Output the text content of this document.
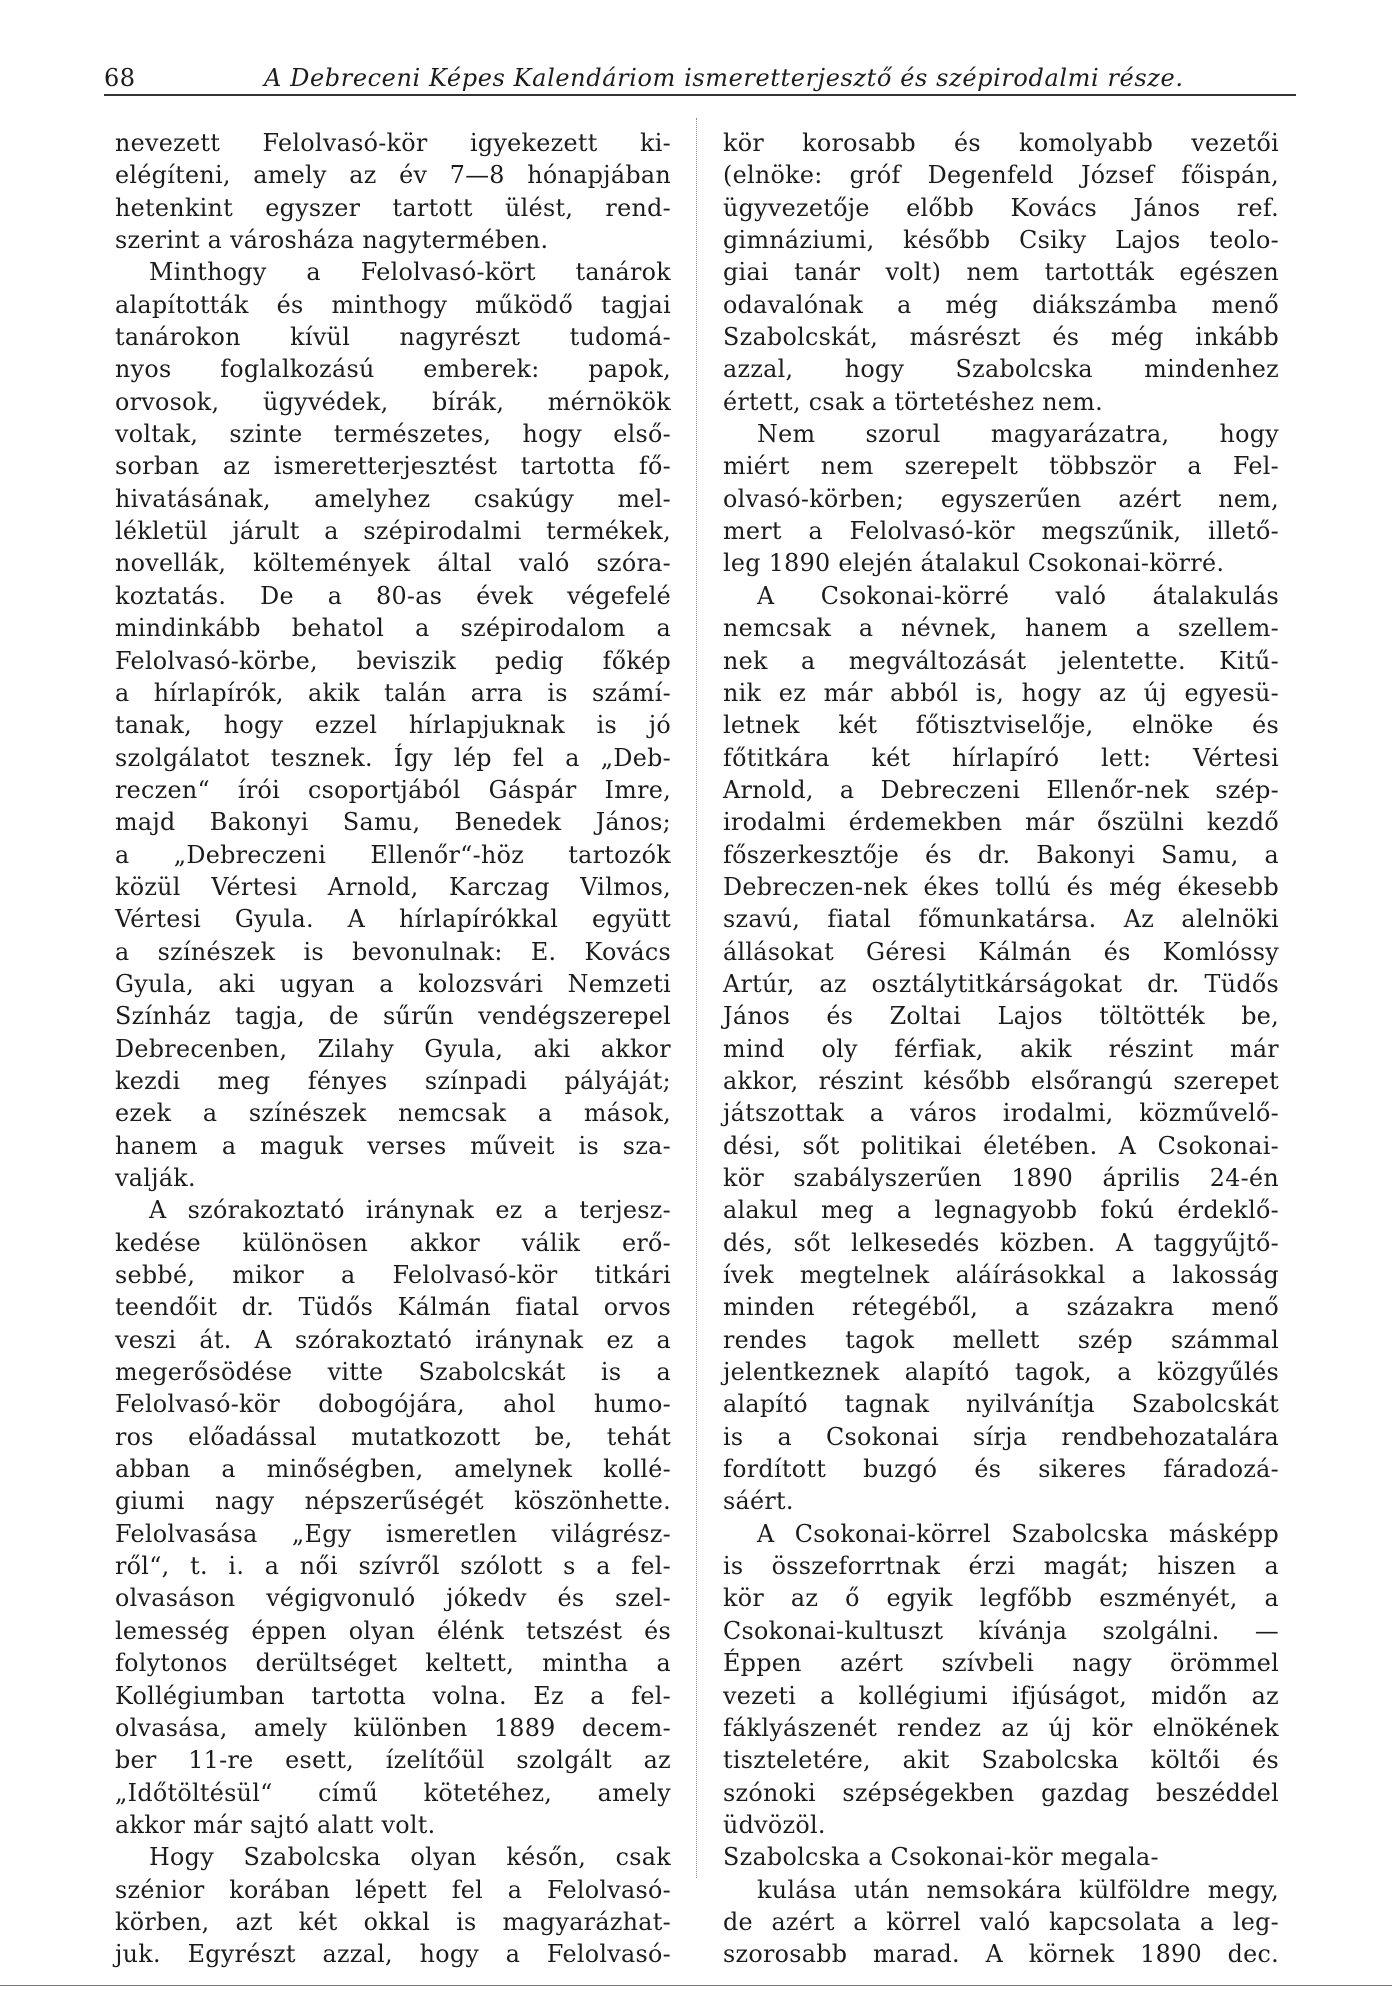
68	A Debreceni Képes Kalendáriom ismeretterjesztő és szépirodalmi része.
nevezett Felolvasó-kör igyekezett ki-
elégíteni, amely az év 7—8 hónapjában
hetenkint egyszer tartott ülést, rend-
szerint a városháza nagytermében.
Minthogy a Felolvasó-kört tanárok
alapították és minthogy működő tagjai
tanárokon kívül nagyrészt tudomá-
nyos foglalkozású emberek: papok,
orvosok, ügyvédek, bírák, mérnökök
voltak, szinte természetes, hogy első-
sorban az ismeretterjesztést tartotta fő-
hivatásának, amelyhez csakúgy mel-
lékletül járult a szépirodalmi termékek,
novellák, költemények által való szóra-
koztatás. De a 80-as évek végefelé
mindinkább behatol a szépirodalom a
Felolvasó-körbe, beviszik pedig főkép
a hírlapírók, akik talán arra is számí-
tanak, hogy ezzel hírlapjuknak is jó
szolgálatot tesznek. Így lép fel a „Deb-
reczen“ írói csoportjából Gáspár Imre,
majd Bakonyi Samu, Benedek János;
a „Debreczeni Ellenőr“-höz tartozók
közül Vértesi Arnold, Karczag Vilmos,
Vértesi Gyula. A hírlapírókkal együtt
a színészek is bevonulnak: E. Kovács
Gyula, aki ugyan a kolozsvári Nemzeti
Színház tagja, de sűrűn vendégszerepel
Debrecenben, Zilahy Gyula, aki akkor
kezdi meg fényes színpadi pályáját;
ezek a színészek nemcsak a mások,
hanem a maguk verses műveit is sza-
valják.
A szórakoztató iránynak ez a terjesz-
kedése különösen akkor válik erő-
sebbé, mikor a Felolvasó-kör titkári
teendőit dr. Tüdős Kálmán fiatal orvos
veszi át. A szórakoztató iránynak ez a
megerősödése vitte Szabolcskát is a
Felolvasó-kör dobogójára, ahol humo-
ros előadással mutatkozott be, tehát
abban a minőségben, amelynek kollé-
giumi nagy népszerűségét köszönhette.
Felolvasása „Egy ismeretlen világrész-
ről“, t. i. a női szívről szólott s a fel-
olvasáson végigvonuló jókedv és szel-
lemesség éppen olyan élénk tetszést és
folytonos derültséget keltett, mintha a
Kollégiumban tartotta volna. Ez a fel-
olvasása, amely különben 1889 decem-
ber 11-re esett, ízelítőül szolgált az
„Időtöltésül“ című kötetéhez, amely
akkor már sajtó alatt volt.
Hogy Szabolcska olyan későn, csak
szénior korában lépett fel a Felolvasó-
körben, azt két okkal is magyarázhat-
juk. Egyrészt azzal, hogy a Felolvasó-
kör korosabb és komolyabb vezetői
(elnöke: gróf Degenfeld József főispán,
ügyvezetője előbb Kovács János ref.
gimnáziumi, később Csiky Lajos teolo-
giai tanár volt) nem tartották egészen
odavalónak a még diákszámba menő
Szabolcskát, másrészt és még inkább
azzal, hogy Szabolcska mindenhez
értett, csak a törtetéshez nem.
Nem szorul magyarázatra, hogy
miért nem szerepelt többször a Fel-
olvasó-körben; egyszerűen azért nem,
mert a Felolvasó-kör megszűnik, illető-
leg 1890 elején átalakul Csokonai-körré.
A Csokonai-körré való átalakulás
nemcsak a névnek, hanem a szellem-
nek a megváltozását jelentette. Kitű-
nik ez már abból is, hogy az új egyesü-
letnek két főtisztviselője, elnöke és
főtitkára két hírlapíró lett: Vértesi
Arnold, a Debreczeni Ellenőr-nek szép-
irodalmi érdemekben már őszülni kezdő
főszerkesztője és dr. Bakonyi Samu, a
Debreczen-nek ékes tollú és még ékesebb
szavú, fiatal főmunkatársa. Az alelnöki
állásokat Géresi Kálmán és Komlóssy
Artúr, az osztálytitkárságokat dr. Tüdős
János és Zoltai Lajos töltötték be,
mind oly férfiak, akik részint már
akkor, részint később elsőrangú szerepet
játszottak a város irodalmi, közművelő-
dési, sőt politikai életében. A Csokonai-
kör szabályszerűen 1890 április 24-én
alakul meg a legnagyobb fokú érdeklő-
dés, sőt lelkesedés közben. A taggyűjtő-
ívek megtelnek aláírásokkal a lakosság
minden rétegéből, a százakra menő
rendes tagok mellett szép számmal
jelentkeznek alapító tagok, a közgyűlés
alapító tagnak nyilvánítja Szabolcskát
is a Csokonai sírja rendbehozatalára
fordított buzgó és sikeres fáradozá-
sáért.
A Csokonai-körrel Szabolcska másképp
is összeforrtnak érzi magát; hiszen a
kör az ő egyik legfőbb eszményét, a
Csokonai-kultuszt kívánja szolgálni. —
Éppen azért szívbeli nagy örömmel
vezeti a kollégiumi ifjúságot, midőn az
fáklyászenét rendez az új kör elnökének
tiszteletére, akit Szabolcska költői és
szónoki szépségekben gazdag beszéddel
üdvözöl.
Szabolcska a Csokonai-kör megala-
kulása után nemsokára külföldre megy,
de azért a körrel való kapcsolata a leg-
szorosabb marad. A körnek 1890 dec.
